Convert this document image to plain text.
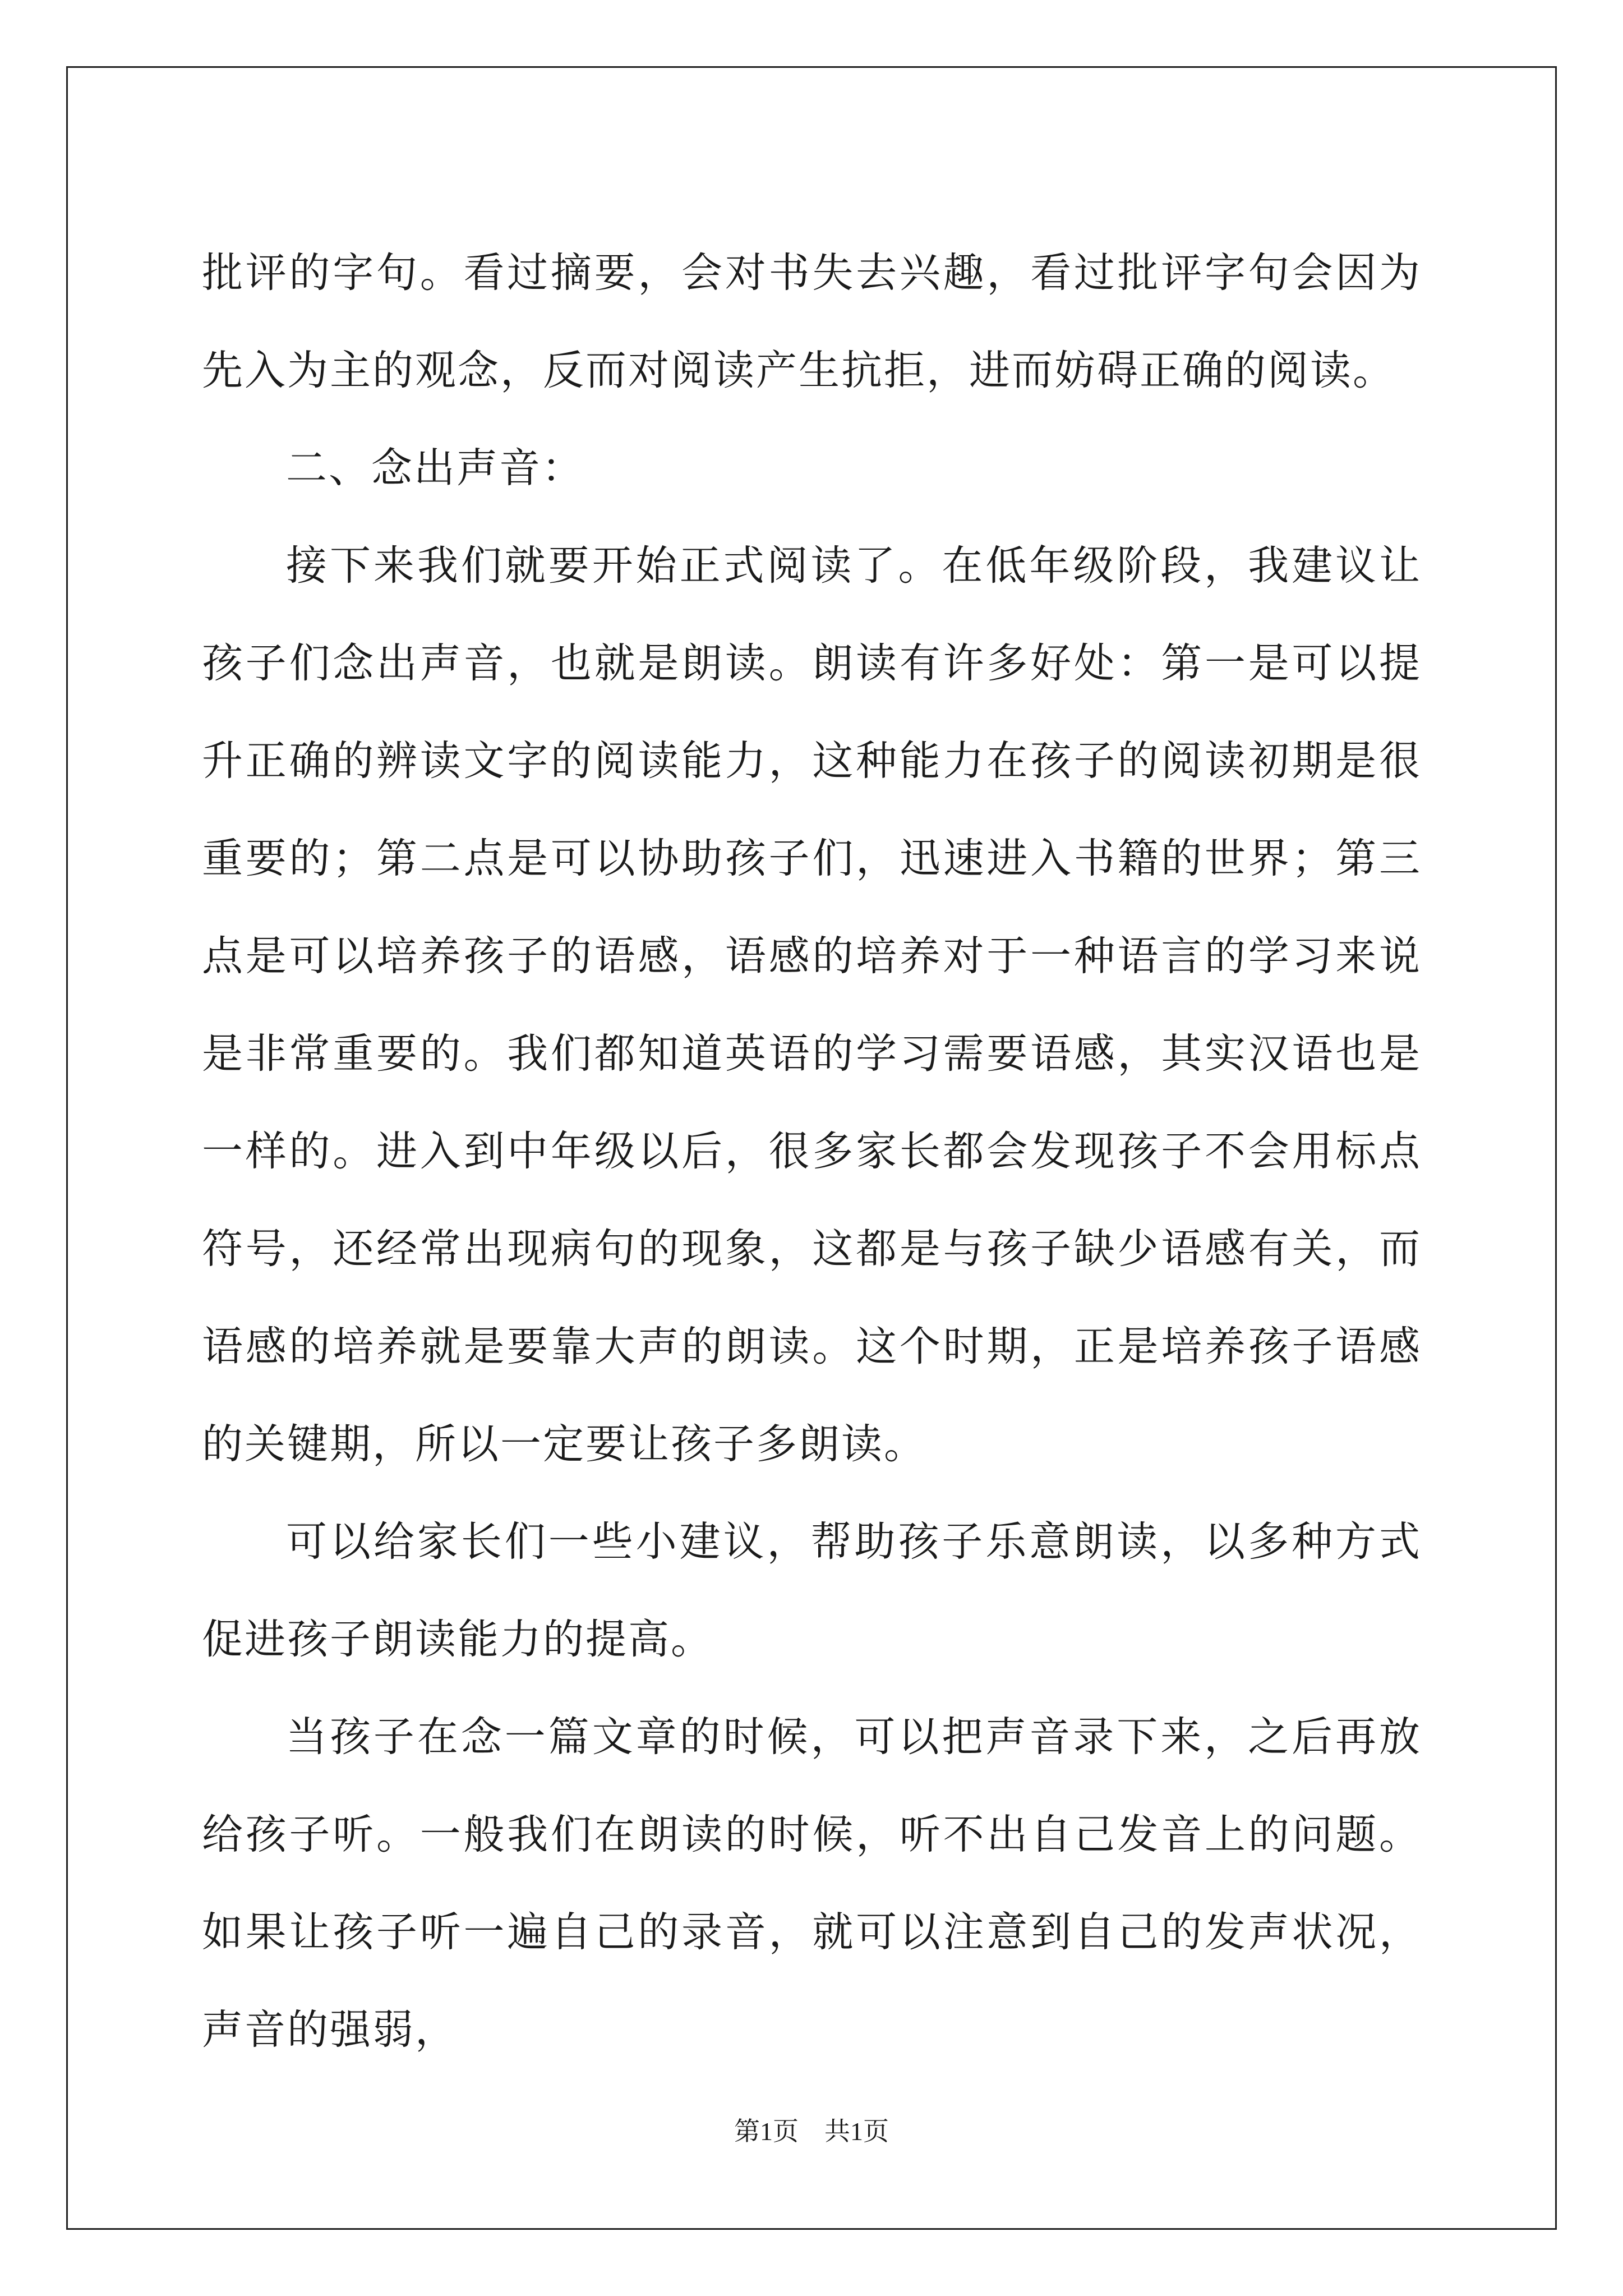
批评的字句。看过摘要，会对书失去兴趣，看过批评字句会因为先入为主的观念，反而对阅读产生抗拒，进而妨碍正确的阅读。

二、念出声音：

接下来我们就要开始正式阅读了。在低年级阶段，我建议让孩子们念出声音，也就是朗读。朗读有许多好处：第一是可以提升正确的辨读文字的阅读能力，这种能力在孩子的阅读初期是很重要的；第二点是可以协助孩子们，迅速进入书籍的世界；第三点是可以培养孩子的语感，语感的培养对于一种语言的学习来说是非常重要的。我们都知道英语的学习需要语感，其实汉语也是一样的。进入到中年级以后，很多家长都会发现孩子不会用标点符号，还经常出现病句的现象，这都是与孩子缺少语感有关，而语感的培养就是要靠大声的朗读。这个时期，正是培养孩子语感的关键期，所以一定要让孩子多朗读。

可以给家长们一些小建议，帮助孩子乐意朗读，以多种方式促进孩子朗读能力的提高。

当孩子在念一篇文章的时候，可以把声音录下来，之后再放给孩子听。一般我们在朗读的时候，听不出自己发音上的问题。如果让孩子听一遍自己的录音，就可以注意到自己的发声状况，声音的强弱，

第1页　共1页
